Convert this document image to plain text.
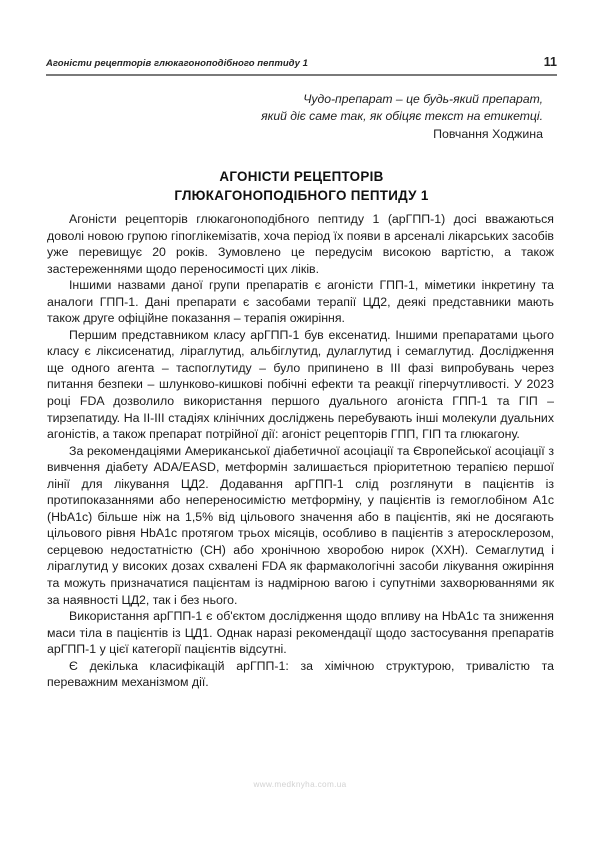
Агоністи рецепторів глюкагоноподібного пептиду 1	11
Чудо-препарат – це будь-який препарат,
який діє саме так, як обіцяє текст на етикетці.
Повчання Ходжина
АГОНІСТИ РЕЦЕПТОРІВ
ГЛЮКАГОНОПОДІБНОГО ПЕПТИДУ 1

Агоністи рецепторів глюкагоноподібного пептиду 1 (арГПП-1) досі вважаються доволі новою групою гіпоглікемізатів, хоча період їх появи в арсеналі лікарських засобів уже перевищує 20 років. Зумовлено це передусім високою вартістю, а також застереженнями щодо переносимості цих ліків.

Іншими назвами даної групи препаратів є агоністи ГПП-1, міметики інкретину та аналоги ГПП-1. Дані препарати є засобами терапії ЦД2, деякі представники мають також друге офіційне показання – терапія ожиріння.

Першим представником класу арГПП-1 був ексенатид. Іншими препаратами цього класу є ліксисенатид, ліраглутид, альбіглутид, дулаглутид і семаглутид. Дослідження ще одного агента – таспоглутиду – було припинено в ІІІ фазі випробувань через питання безпеки – шлунково-кишкові побічні ефекти та реакції гіперчутливості. У 2023 році FDA дозволило використання першого дуального агоніста ГПП-1 та ГІП – тирзепатиду. На ІІ-ІІІ стадіях клінічних досліджень перебувають інші молекули дуальних агоністів, а також препарат потрійної дії: агоніст рецепторів ГПП, ГІП та глюкагону.

За рекомендаціями Американської діабетичної асоціації та Європейської асоціації з вивчення діабету ADA/EASD, метформін залишається пріоритетною терапією першої лінії для лікування ЦД2. Додавання арГПП-1 слід розглянути в пацієнтів із протипоказаннями або непереносимістю метформіну, у пацієнтів із гемоглобіном А1с (HbA1c) більше ніж на 1,5% від цільового значення або в пацієнтів, які не досягають цільового рівня HbA1c протягом трьох місяців, особливо в пацієнтів з атеросклерозом, серцевою недостатністю (СН) або хронічною хворобою нирок (ХХН). Семаглутид і ліраглутид у високих дозах схвалені FDA як фармакологічні засоби лікування ожиріння та можуть призначатися пацієнтам із надмірною вагою і супутніми захворюваннями як за наявності ЦД2, так і без нього.

Використання арГПП-1 є об'єктом дослідження щодо впливу на HbA1c та зниження маси тіла в пацієнтів із ЦД1. Однак наразі рекомендації щодо застосування препаратів арГПП-1 у цієї категорії пацієнтів відсутні.

Є декілька класифікацій арГПП-1: за хімічною структурою, тривалістю та переважним механізмом дії.

www.medknyha.com.ua
